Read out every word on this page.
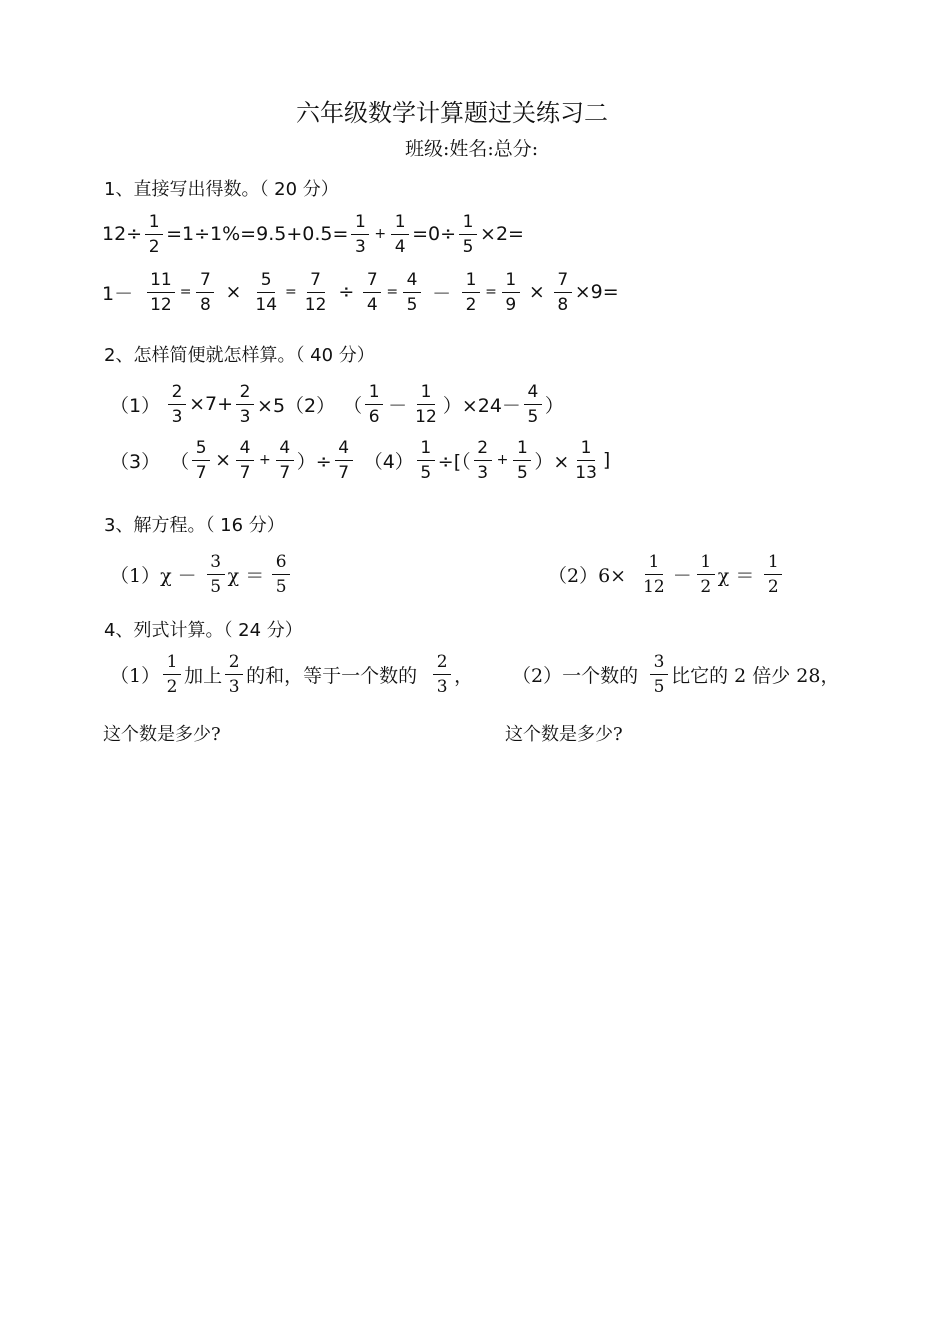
六年级数学计算题过关练习二
班级:姓名:总分:
1、直接写出得数。（ 20 分）
$12\div \frac{1}{2} =1\div 1\%=9.5+0.5= \frac{1}{3} + \frac{1}{4} =0\div \frac{1}{5} \times 2=$
$1- \frac{11}{12} = \frac{7}{8} \times \frac{5}{14} = \frac{7}{12} \div \frac{7}{4} = \frac{4}{5} - \frac{1}{2} = \frac{1}{9} \times \frac{7}{8} \times 9=$
2、怎样简便就怎样算。（ 40 分）
$(1) \frac{2}{3} \times 7+ \frac{2}{3} \times 5(2)$ （ $\frac{1}{6} - \frac{1}{12} )\times 24- \frac{4}{5}$ ）
（3） （ $\frac{5}{7} \times \frac{4}{7} + \frac{4}{7}$ ）÷ $\frac{4}{7} (4) \frac{1}{5}$ ÷[（ $\frac{2}{3} + \frac{1}{5}$ ）× $\frac{1}{13}$ ]
3、解方程。（ 16 分）
$(1)\chi - \frac{3}{5}$ $\chi = \frac{6}{5}$	$(2)6\times \frac{1}{12} - \frac{1}{2}$ $\chi = \frac{1}{2}$
4、列式计算。（ 24 分）
$(1) \frac{1}{2}$ 加上 $\frac{2}{3}$ 的和，等于一个数的 $\frac{2}{3}$ ， （2）一个数的 $\frac{3}{5}$ 比它的 2 倍少 28，
这个数是多少?	这个数是多少?
